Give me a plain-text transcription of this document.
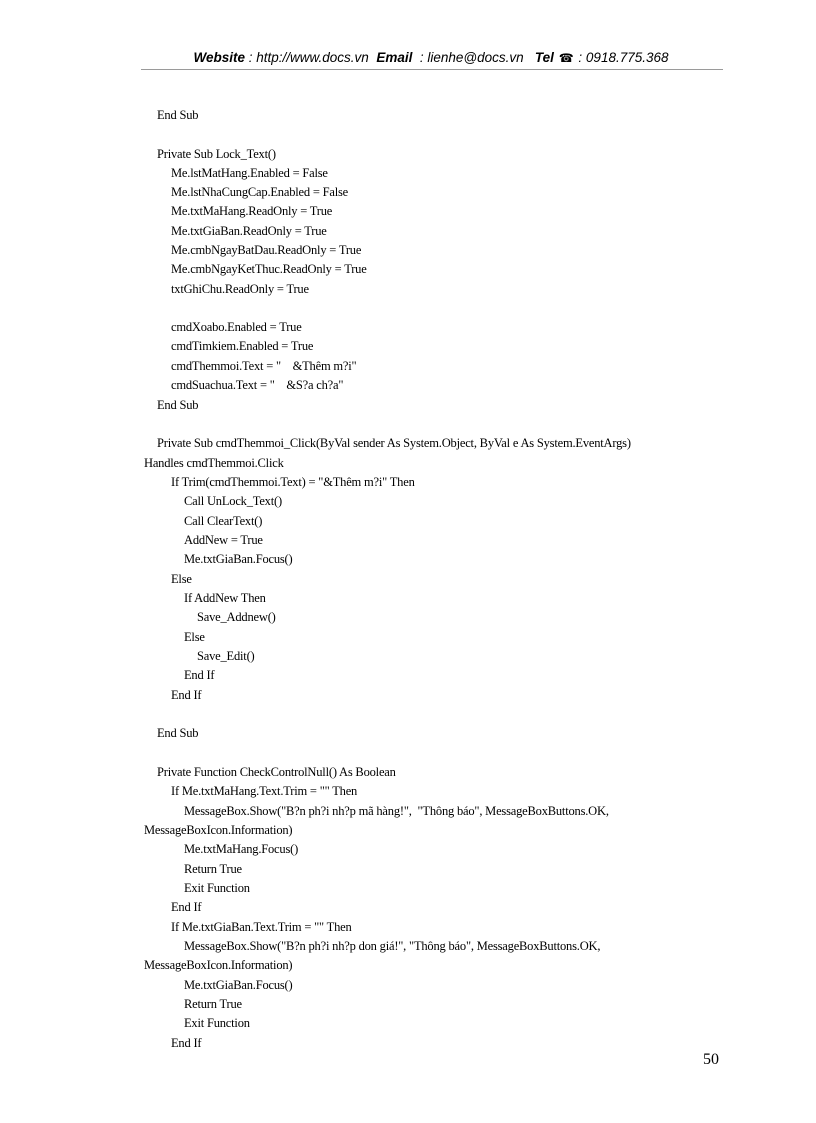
Website : http://www.docs.vn Email  : lienhe@docs.vn Tel ☎ : 0918.775.368
End Sub
Private Sub Lock_Text()
Me.lstMatHang.Enabled = False
Me.lstNhaCungCap.Enabled = False
Me.txtMaHang.ReadOnly = True
Me.txtGiaBan.ReadOnly = True
Me.cmbNgayBatDau.ReadOnly = True
Me.cmbNgayKetThuc.ReadOnly = True
txtGhiChu.ReadOnly = True
cmdXoabo.Enabled = True
cmdTimkiem.Enabled = True
cmdThemmoi.Text = "    &Thêm m?i"
cmdSuachua.Text = "    &S?a ch?a"
End Sub
Private Sub cmdThemmoi_Click(ByVal sender As System.Object, ByVal e As System.EventArgs)
Handles cmdThemmoi.Click
If Trim(cmdThemmoi.Text) = "&Thêm m?i" Then
Call UnLock_Text()
Call ClearText()
AddNew = True
Me.txtGiaBan.Focus()
Else
If AddNew Then
Save_Addnew()
Else
Save_Edit()
End If
End If
End Sub
Private Function CheckControlNull() As Boolean
If Me.txtMaHang.Text.Trim = "" Then
MessageBox.Show("B?n ph?i nh?p mã hàng!",  "Thông báo", MessageBoxButtons.OK,
MessageBoxIcon.Information)
Me.txtMaHang.Focus()
Return True
Exit Function
End If
If Me.txtGiaBan.Text.Trim = "" Then
MessageBox.Show("B?n ph?i nh?p don giá!", "Thông báo", MessageBoxButtons.OK,
MessageBoxIcon.Information)
Me.txtGiaBan.Focus()
Return True
Exit Function
End If
50
